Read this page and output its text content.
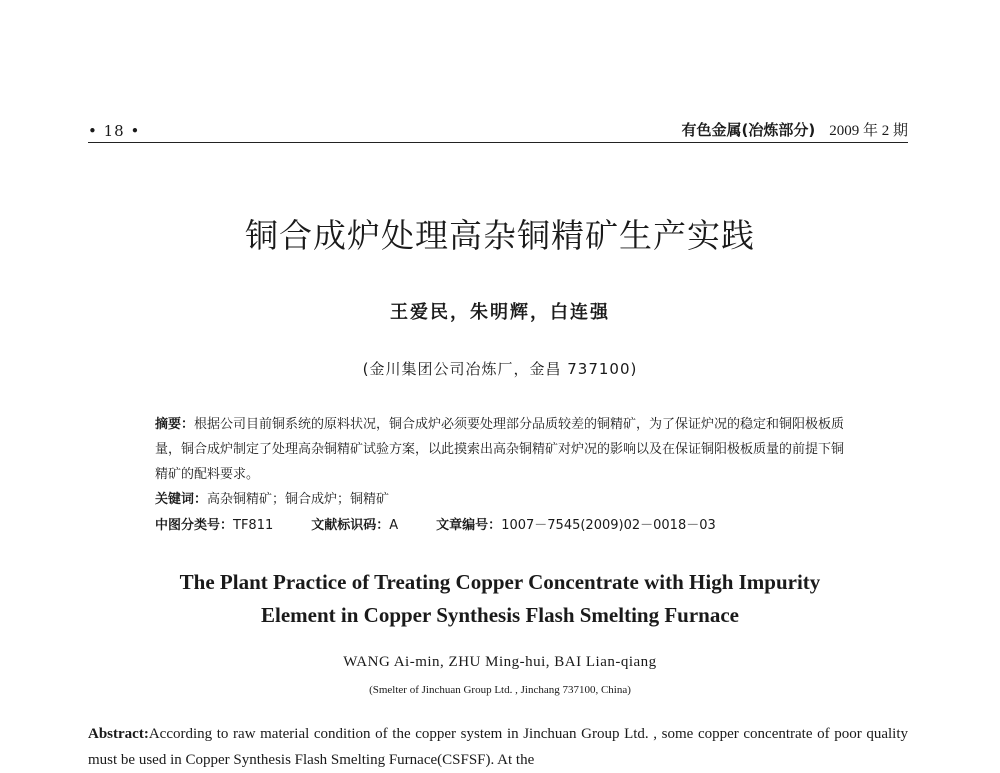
• 18 •	有色金属(冶炼部分) 2009 年 2 期
铜合成炉处理高杂铜精矿生产实践
王爱民，朱明辉，白连强
(金川集团公司冶炼厂，金昌 737100)
摘要：根据公司目前铜系统的原料状况，铜合成炉必须要处理部分品质较差的铜精矿，为了保证炉况的稳定和铜阳极板质量，铜合成炉制定了处理高杂铜精矿试验方案，以此摸索出高杂铜精矿对炉况的影响以及在保证铜阳极板质量的前提下铜精矿的配料要求。
关键词：高杂铜精矿；铜合成炉；铜精矿
中图分类号：TF811	文献标识码：A	文章编号：1007－7545(2009)02－0018－03
The Plant Practice of Treating Copper Concentrate with High Impurity
Element in Copper Synthesis Flash Smelting Furnace
WANG Ai-min, ZHU Ming-hui, BAI Lian-qiang
(Smelter of Jinchuan Group Ltd. , Jinchang 737100, China)
Abstract:According to raw material condition of the copper system in Jinchuan Group Ltd. , some copper concentrate of poor quality must be used in Copper Synthesis Flash Smelting Furnace(CSFSF). At the
